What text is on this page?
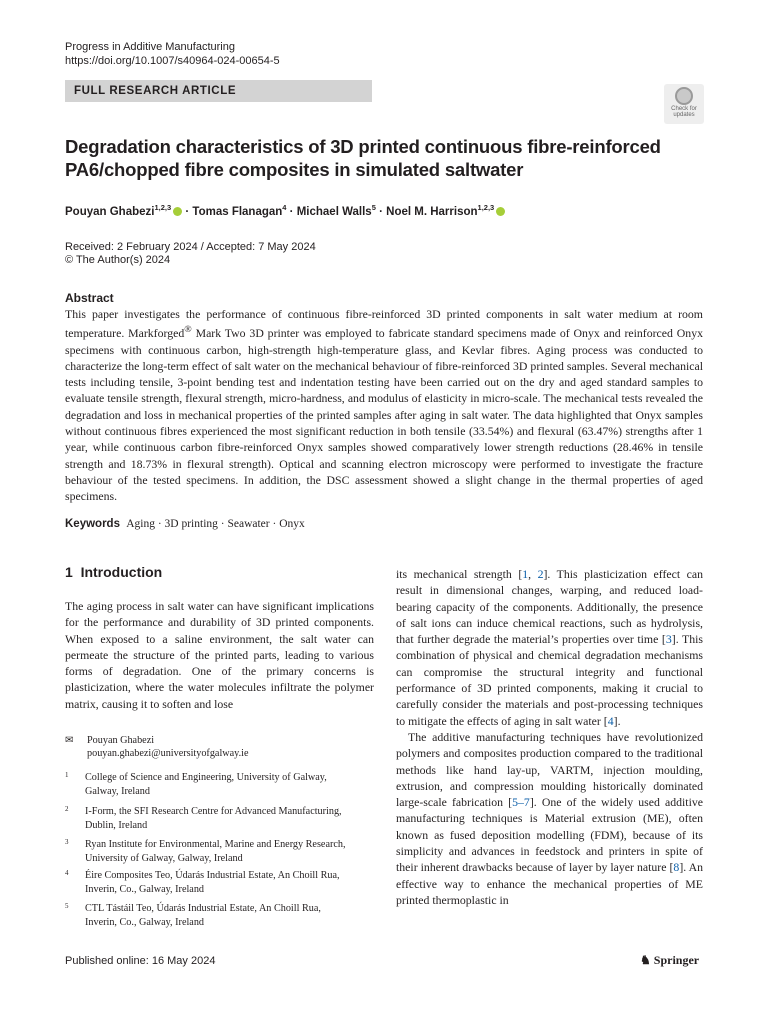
Progress in Additive Manufacturing
https://doi.org/10.1007/s40964-024-00654-5
FULL RESEARCH ARTICLE
Check for
updates
Degradation characteristics of 3D printed continuous fibre-reinforced PA6/chopped fibre composites in simulated saltwater
Pouyan Ghabezi$^{1,2,3}$ · Tomas Flanagan$^4$ · Michael Walls$^5$ · Noel M. Harrison$^{1,2,3}$
Received: 2 February 2024 / Accepted: 7 May 2024
© The Author(s) 2024
Abstract

This paper investigates the performance of continuous fibre-reinforced 3D printed components in salt water medium at room temperature. Markforged® Mark Two 3D printer was employed to fabricate standard specimens made of Onyx and reinforced Onyx specimens with continuous carbon, high-strength high-temperature glass, and Kevlar fibres. Aging process was conducted to characterize the long-term effect of salt water on the mechanical behaviour of fibre-reinforced 3D printed samples. Several mechanical tests including tensile, 3-point bending test and indentation testing have been carried out on the dry and aged standard samples to evaluate tensile strength, flexural strength, micro-hardness, and modulus of elasticity in micro-scale. The mechanical tests revealed the degradation and loss in mechanical properties of the printed samples after aging in salt water. The data highlighted that Onyx samples without continuous fibres experienced the most significant reduction in both tensile (33.54%) and flexural (63.47%) strengths after 1 year, while continuous carbon fibre-reinforced Onyx samples showed comparatively lower strength reductions (28.46% in tensile strength and 18.73% in flexural strength). Optical and scanning electron microscopy were performed to investigate the fracture behaviour of the tested specimens. In addition, the DSC assessment showed a slight change in the thermal properties of aged specimens.

Keywords Aging · 3D printing · Seawater · Onyx
1 Introduction

The aging process in salt water can have significant implications for the performance and durability of 3D printed components. When exposed to a saline environment, the salt water can permeate the structure of the printed parts, leading to various forms of degradation. One of the primary concerns is plasticization, where the water molecules infiltrate the polymer matrix, causing it to soften and lose

its mechanical strength [1, 2]. This plasticization effect can result in dimensional changes, warping, and reduced load-bearing capacity of the components. Additionally, the presence of salt ions can induce chemical reactions, such as hydrolysis, that further degrade the material’s properties over time [3]. This combination of physical and chemical degradation mechanisms can compromise the structural integrity and functional performance of 3D printed components, making it crucial to carefully consider the materials and post-processing techniques to mitigate the effects of aging in salt water [4].

The additive manufacturing techniques have revolutionized polymers and composites production compared to the traditional methods like hand lay-up, VARTM, injection moulding, extrusion, and compression moulding historically dominated large-scale fabrication [5–7]. One of the widely used additive manufacturing techniques is Material extrusion (ME), often known as fused deposition modelling (FDM), because of its simplicity and advances in feedstock and printers in spite of their inherent drawbacks because of layer by layer nature [8]. An effective way to enhance the mechanical properties of ME printed thermoplastic in

✉ Pouyan Ghabezi
pouyan.ghabezi@universityofgalway.ie
1 College of Science and Engineering, University of Galway, Galway, Ireland
2 I-Form, the SFI Research Centre for Advanced Manufacturing, Dublin, Ireland
3 Ryan Institute for Environmental, Marine and Energy Research, University of Galway, Galway, Ireland
4 Éire Composites Teo, Údarás Industrial Estate, An Choill Rua, Inverin, Co., Galway, Ireland
5 CTL Tástáil Teo, Údarás Industrial Estate, An Choill Rua, Inverin, Co., Galway, Ireland
Published online: 16 May 2024	♞ Springer
